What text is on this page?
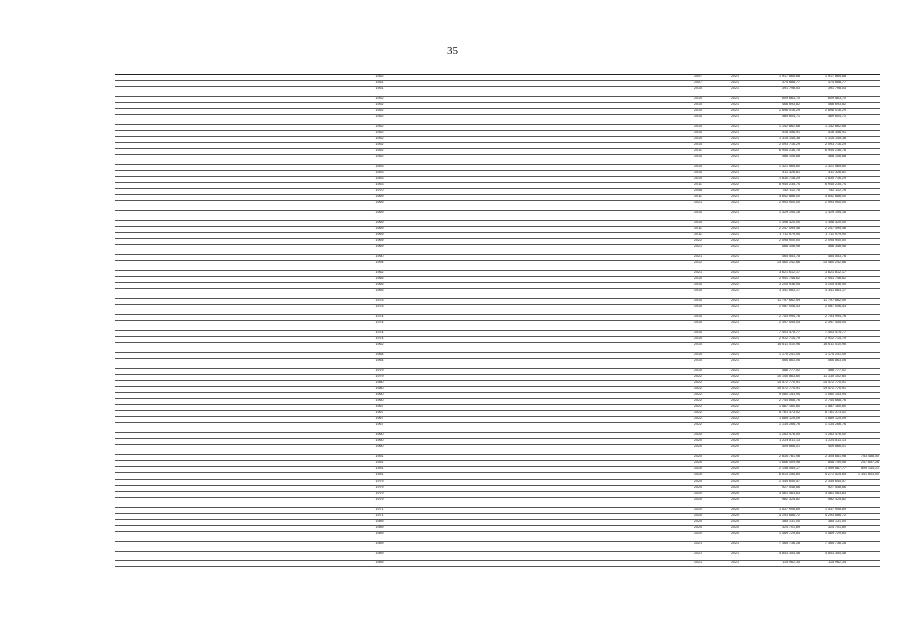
35
1952	2007	2021	1 917 865,68	1 917 865,68
1951	2007	2021	374 688,77	374 688,77
1951	2010	2021	391 798,53	391 798,53
1952	2010	2021	609 863,70	609 863,70
1952	2010	2021	466 693,82	466 693,82
1952	2010	2021	2 898 016,29	2 898 016,29
1952	2010	2021	469 604,71	469 604,71
1952	2010	2021	1 142 862,68	1 142 862,68
1952	2010	2021	418 356,91	418 356,91
1952	2010	2021	1 315 145,38	1 315 145,38
1952	2010	2021	2 093 716,29	2 093 716,29
1952	2011	2022	6 945 236,78	6 945 236,78
1952	2010	2021	468 106,68	468 106,68
1953	2010	2021	1 321 565,60	1 321 565,60
1953	2010	2021	411 326,81	411 326,81
1953	2010	2021	1 830 716,29	1 830 716,29
1953	2011	2022	6 945 235,74	6 945 235,74
1970	2008	2020	752 112,76	752 112,76
1969	2011	2021	4 642 888,00	4 642 888,00
1969	2021	2021	2 993 900,00	2 993 900,00
1969	2010	2021	1 329 195,16	1 329 195,16
1969	2010	2021	1 398 320,00	1 398 320,00
1969	2011	2021	2 247 499,46	2 247 499,46
1969	2011	2021	1 711 979,94	1 711 979,94
1969	2022	2022	2 095 900,00	2 095 900,00
1969	2021	2021	566 358,98	566 358,98
1950	2021	2021	464 553,78	464 553,78
1994	2012	2022	14 460 242,86	14 460 242,86
1962	2021	2021	3 621 612,17	3 621 612,17
1965	2010	2022	2 941 748,62	2 941 748,62
1965	2010	2022	3 205 936,95	3 205 936,95
1965	2010	2022	3 341 683,17	3 341 683,17
1975	2010	2021	11 797 662,59	11 797 662,59
1975	2010	2021	2 087 006,43	2 087 006,43
1974	2010	2021	2 753 994,76	2 753 994,76
1974	2010	2021	2 397 445,04	2 397 445,04
1974	2010	2021	7 403 475,77	7 403 475,77
1974	2010	2021	2 912 714,79	2 912 714,79
1962	2010	2021	16 611 410,96	16 611 410,96
1964	2010	2021	1 175 241,05	1 175 241,05
1964	2010	2021	566 863,06	566 863,06
1979	2010	2021	488 777,02	488 777,02
1979	2022	2022	10 140 863,60	11 130 102,60
1980	2022	2022	14 572 770,91	14 572 770,91
1980	2022	2022	19 572 770,91	19 572 770,91
1960	2022	2022	9 060 153,94	1 060 153,94
1960	2022	2022	2 744 668,76	2 744 668,76
1967	2022	2022	1 587 160,60	1 587 160,60
1967	2022	2022	8 761 373,02	8 761 373,02
1967	2022	2022	1 689 125,09	1 689 125,09
1967	2022	2022	1 135 266,76	1 135 266,76
1960	2020	2020	1 263 476,00	1 263 476,00
1960	2020	2020	1 224 811,13	1 224 811,13
1960	2020	2020	409 866,01	409 866,01
1951	2020	2020	2 835 781,98	2 305 681,98	753 488,00
1951	2020	2020	1 666 409,98	858 759,98	247 857,26
1951	2020	2020	2 148 085,17	1 499 887,77	899 144,21
1951	2020	2020	6 613 255,84	5 271 525,65	1 341 603,00
1979	2020	2020	2 345 645,57	2 345 645,57
1979	2020	2020	927 548,66	927 548,66
1979	2020	2020	3 461 463,83	3 461 463,83
1979	2020	2020	982 325,82	982 325,82
1971	2020	2020	1 537 908,69	1 537 908,69
1971	2020	2020	4 293 686,72	4 293 686,72
1989	2020	2020	385 131,00	385 131,00
1989	2020	2020	324 701,89	324 701,89
1989	2020	2020	1 469 729,84	1 469 729,84
1989	2021	2021	7 365 736,28	7 365 736,28
1989	2021	2021	4 843 354,48	4 843 354,48
1989	2021	2021	115 962,34	115 962,34
